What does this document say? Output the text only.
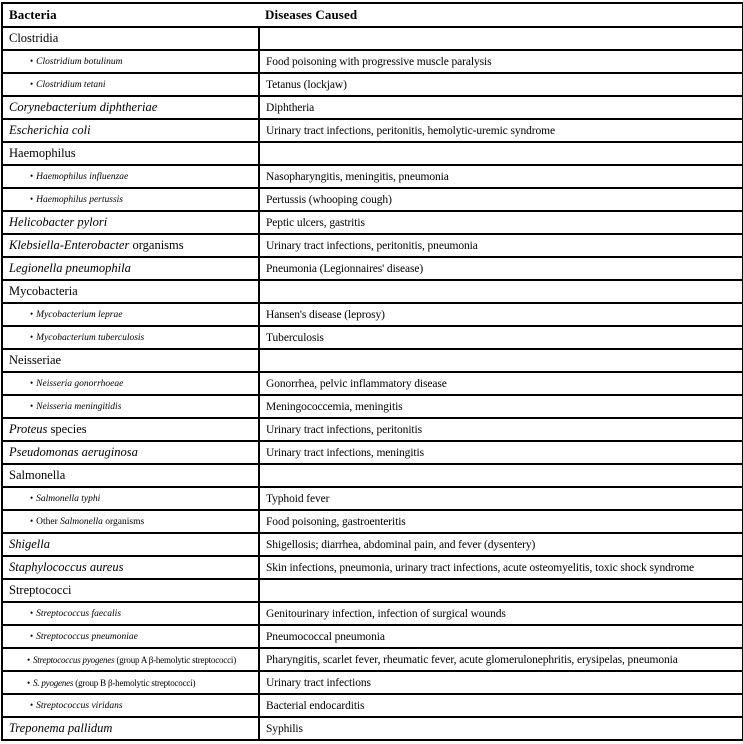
Bacteria	Diseases Caused
Clostridia	
• Clostridium botulinum	Food poisoning with progressive muscle paralysis
• Clostridium tetani	Tetanus (lockjaw)
Corynebacterium diphtheriae	Diphtheria
Escherichia coli	Urinary tract infections, peritonitis, hemolytic-uremic syndrome
Haemophilus	
• Haemophilus influenzae	Nasopharyngitis, meningitis, pneumonia
• Haemophilus pertussis	Pertussis (whooping cough)
Helicobacter pylori	Peptic ulcers, gastritis
Klebsiella-Enterobacter organisms	Urinary tract infections, peritonitis, pneumonia
Legionella pneumophila	Pneumonia (Legionnaires' disease)
Mycobacteria	
• Mycobacterium leprae	Hansen's disease (leprosy)
• Mycobacterium tuberculosis	Tuberculosis
Neisseriae	
• Neisseria gonorrhoeae	Gonorrhea, pelvic inflammatory disease
• Neisseria meningitidis	Meningococcemia, meningitis
Proteus species	Urinary tract infections, peritonitis
Pseudomonas aeruginosa	Urinary tract infections, meningitis
Salmonella	
• Salmonella typhi	Typhoid fever
• Other Salmonella organisms	Food poisoning, gastroenteritis
Shigella	Shigellosis; diarrhea, abdominal pain, and fever (dysentery)
Staphylococcus aureus	Skin infections, pneumonia, urinary tract infections, acute osteomyelitis, toxic shock syndrome
Streptococci	
• Streptococcus faecalis	Genitourinary infection, infection of surgical wounds
• Streptococcus pneumoniae	Pneumococcal pneumonia
• Streptococcus pyogenes (group A β-hemolytic streptococci)	Pharyngitis, scarlet fever, rheumatic fever, acute glomerulonephritis, erysipelas, pneumonia
• S. pyogenes (group B β-hemolytic streptococci)	Urinary tract infections
• Streptococcus viridans	Bacterial endocarditis
Treponema pallidum	Syphilis
